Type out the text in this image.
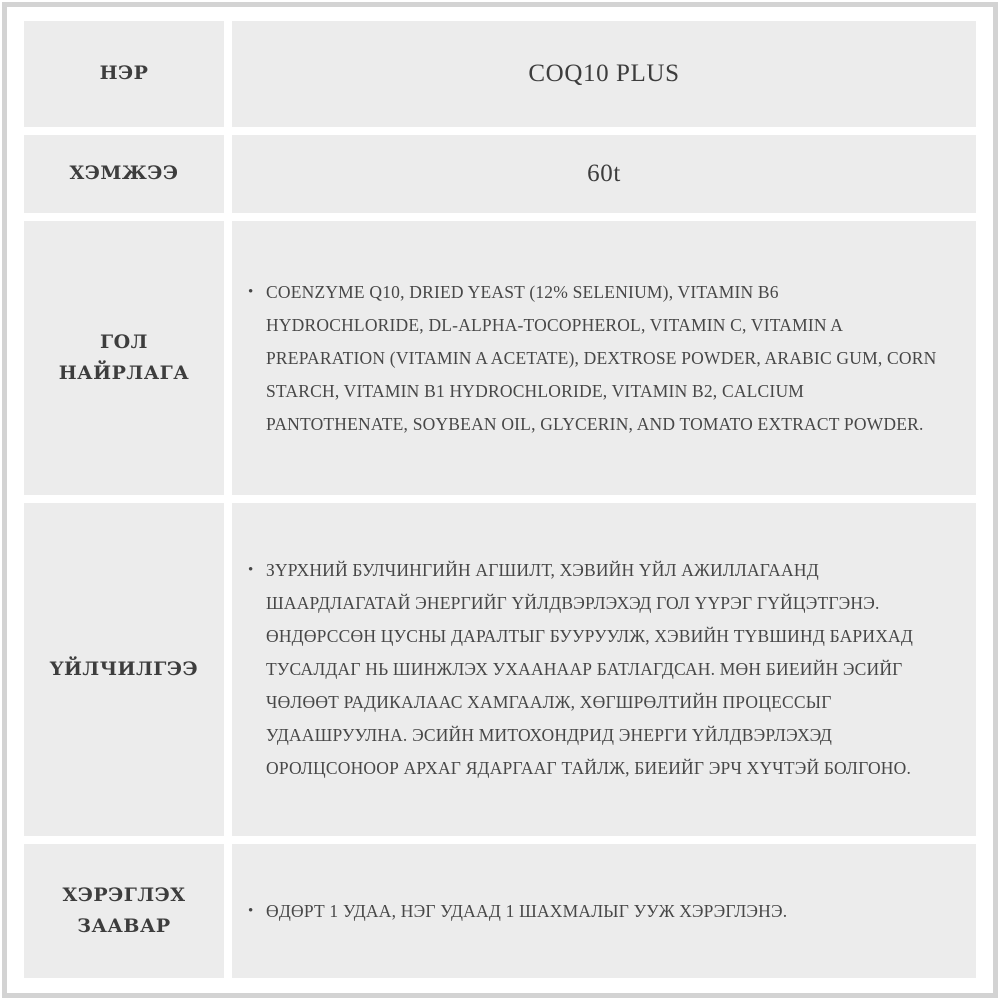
НЭР	COQ10 PLUS
ХЭМЖЭЭ	60t
ГОЛ НАЙРЛАГА
• COENZYME Q10, DRIED YEAST (12% SELENIUM), VITAMIN B6 HYDROCHLORIDE, DL-ALPHA-TOCOPHEROL, VITAMIN C, VITAMIN A PREPARATION (VITAMIN A ACETATE), DEXTROSE POWDER, ARABIC GUM, CORN STARCH, VITAMIN B1 HYDROCHLORIDE, VITAMIN B2, CALCIUM PANTOTHENATE, SOYBEAN OIL, GLYCERIN, AND TOMATO EXTRACT POWDER.
ҮЙЛЧИЛГЭЭ
• ЗҮРХНИЙ БУЛЧИНГИЙН АГШИЛТ, ХЭВИЙН ҮЙЛ АЖИЛЛАГААНД ШААРДЛАГАТАЙ ЭНЕРГИЙГ ҮЙЛДВЭРЛЭХЭД ГОЛ ҮҮРЭГ ГҮЙЦЭТГЭНЭ. ӨНДӨРССӨН ЦУСНЫ ДАРАЛТЫГ БУУРУУЛЖ, ХЭВИЙН ТҮВШИНД БАРИХАД ТУСАЛДАГ НЬ ШИНЖЛЭХ УХААНААР БАТЛАГДСАН. МӨН БИЕИЙН ЭСИЙГ ЧӨЛӨӨТ РАДИКАЛААС ХАМГААЛЖ, ХӨГШРӨЛТИЙН ПРОЦЕССЫГ УДААШРУУЛНА. ЭСИЙН МИТОХОНДРИД ЭНЕРГИ ҮЙЛДВЭРЛЭХЭД ОРОЛЦСОНООР АРХАГ ЯДАРГААГ ТАЙЛЖ, БИЕИЙГ ЭРЧ ХҮЧТЭЙ БОЛГОНО.
ХЭРЭГЛЭХ ЗААВАР
• ӨДӨРТ 1 УДАА, НЭГ УДААД 1 ШАХМАЛЫГ УУЖ ХЭРЭГЛЭНЭ.
